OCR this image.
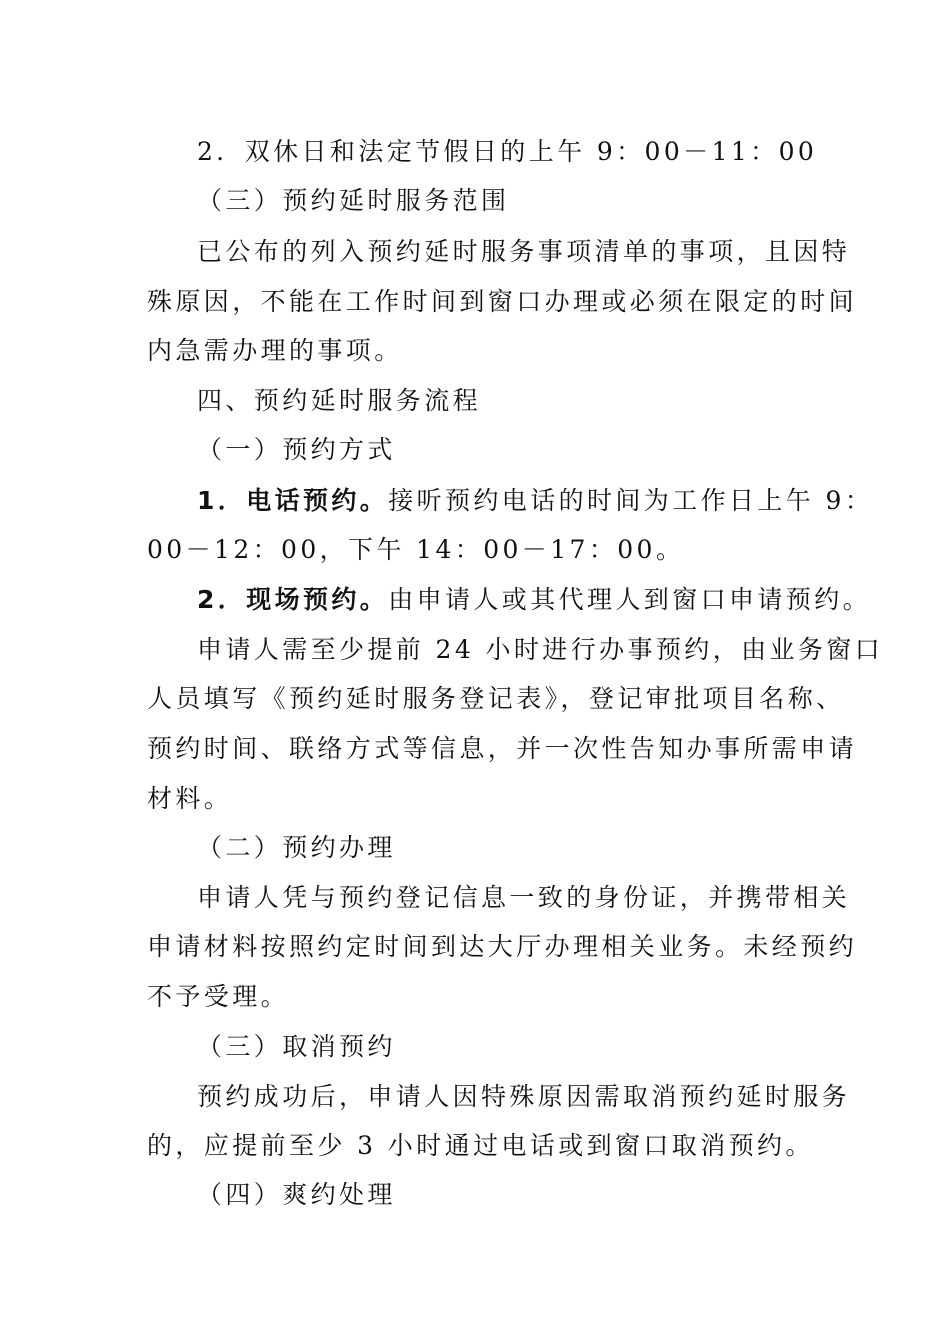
2．双休日和法定节假日的上午 9：00－11：00

（三）预约延时服务范围

已公布的列入预约延时服务事项清单的事项，且因特

殊原因，不能在工作时间到窗口办理或必须在限定的时间

内急需办理的事项。

四、预约延时服务流程

（一）预约方式

1．电话预约。接听预约电话的时间为工作日上午 9：

00－12：00，下午 14：00－17：00。

2．现场预约。由申请人或其代理人到窗口申请预约。

申请人需至少提前 24 小时进行办事预约，由业务窗口

人员填写《预约延时服务登记表》，登记审批项目名称、

预约时间、联络方式等信息，并一次性告知办事所需申请

材料。

（二）预约办理

申请人凭与预约登记信息一致的身份证，并携带相关

申请材料按照约定时间到达大厅办理相关业务。未经预约

不予受理。

（三）取消预约

预约成功后，申请人因特殊原因需取消预约延时服务

的，应提前至少 3 小时通过电话或到窗口取消预约。

（四）爽约处理
